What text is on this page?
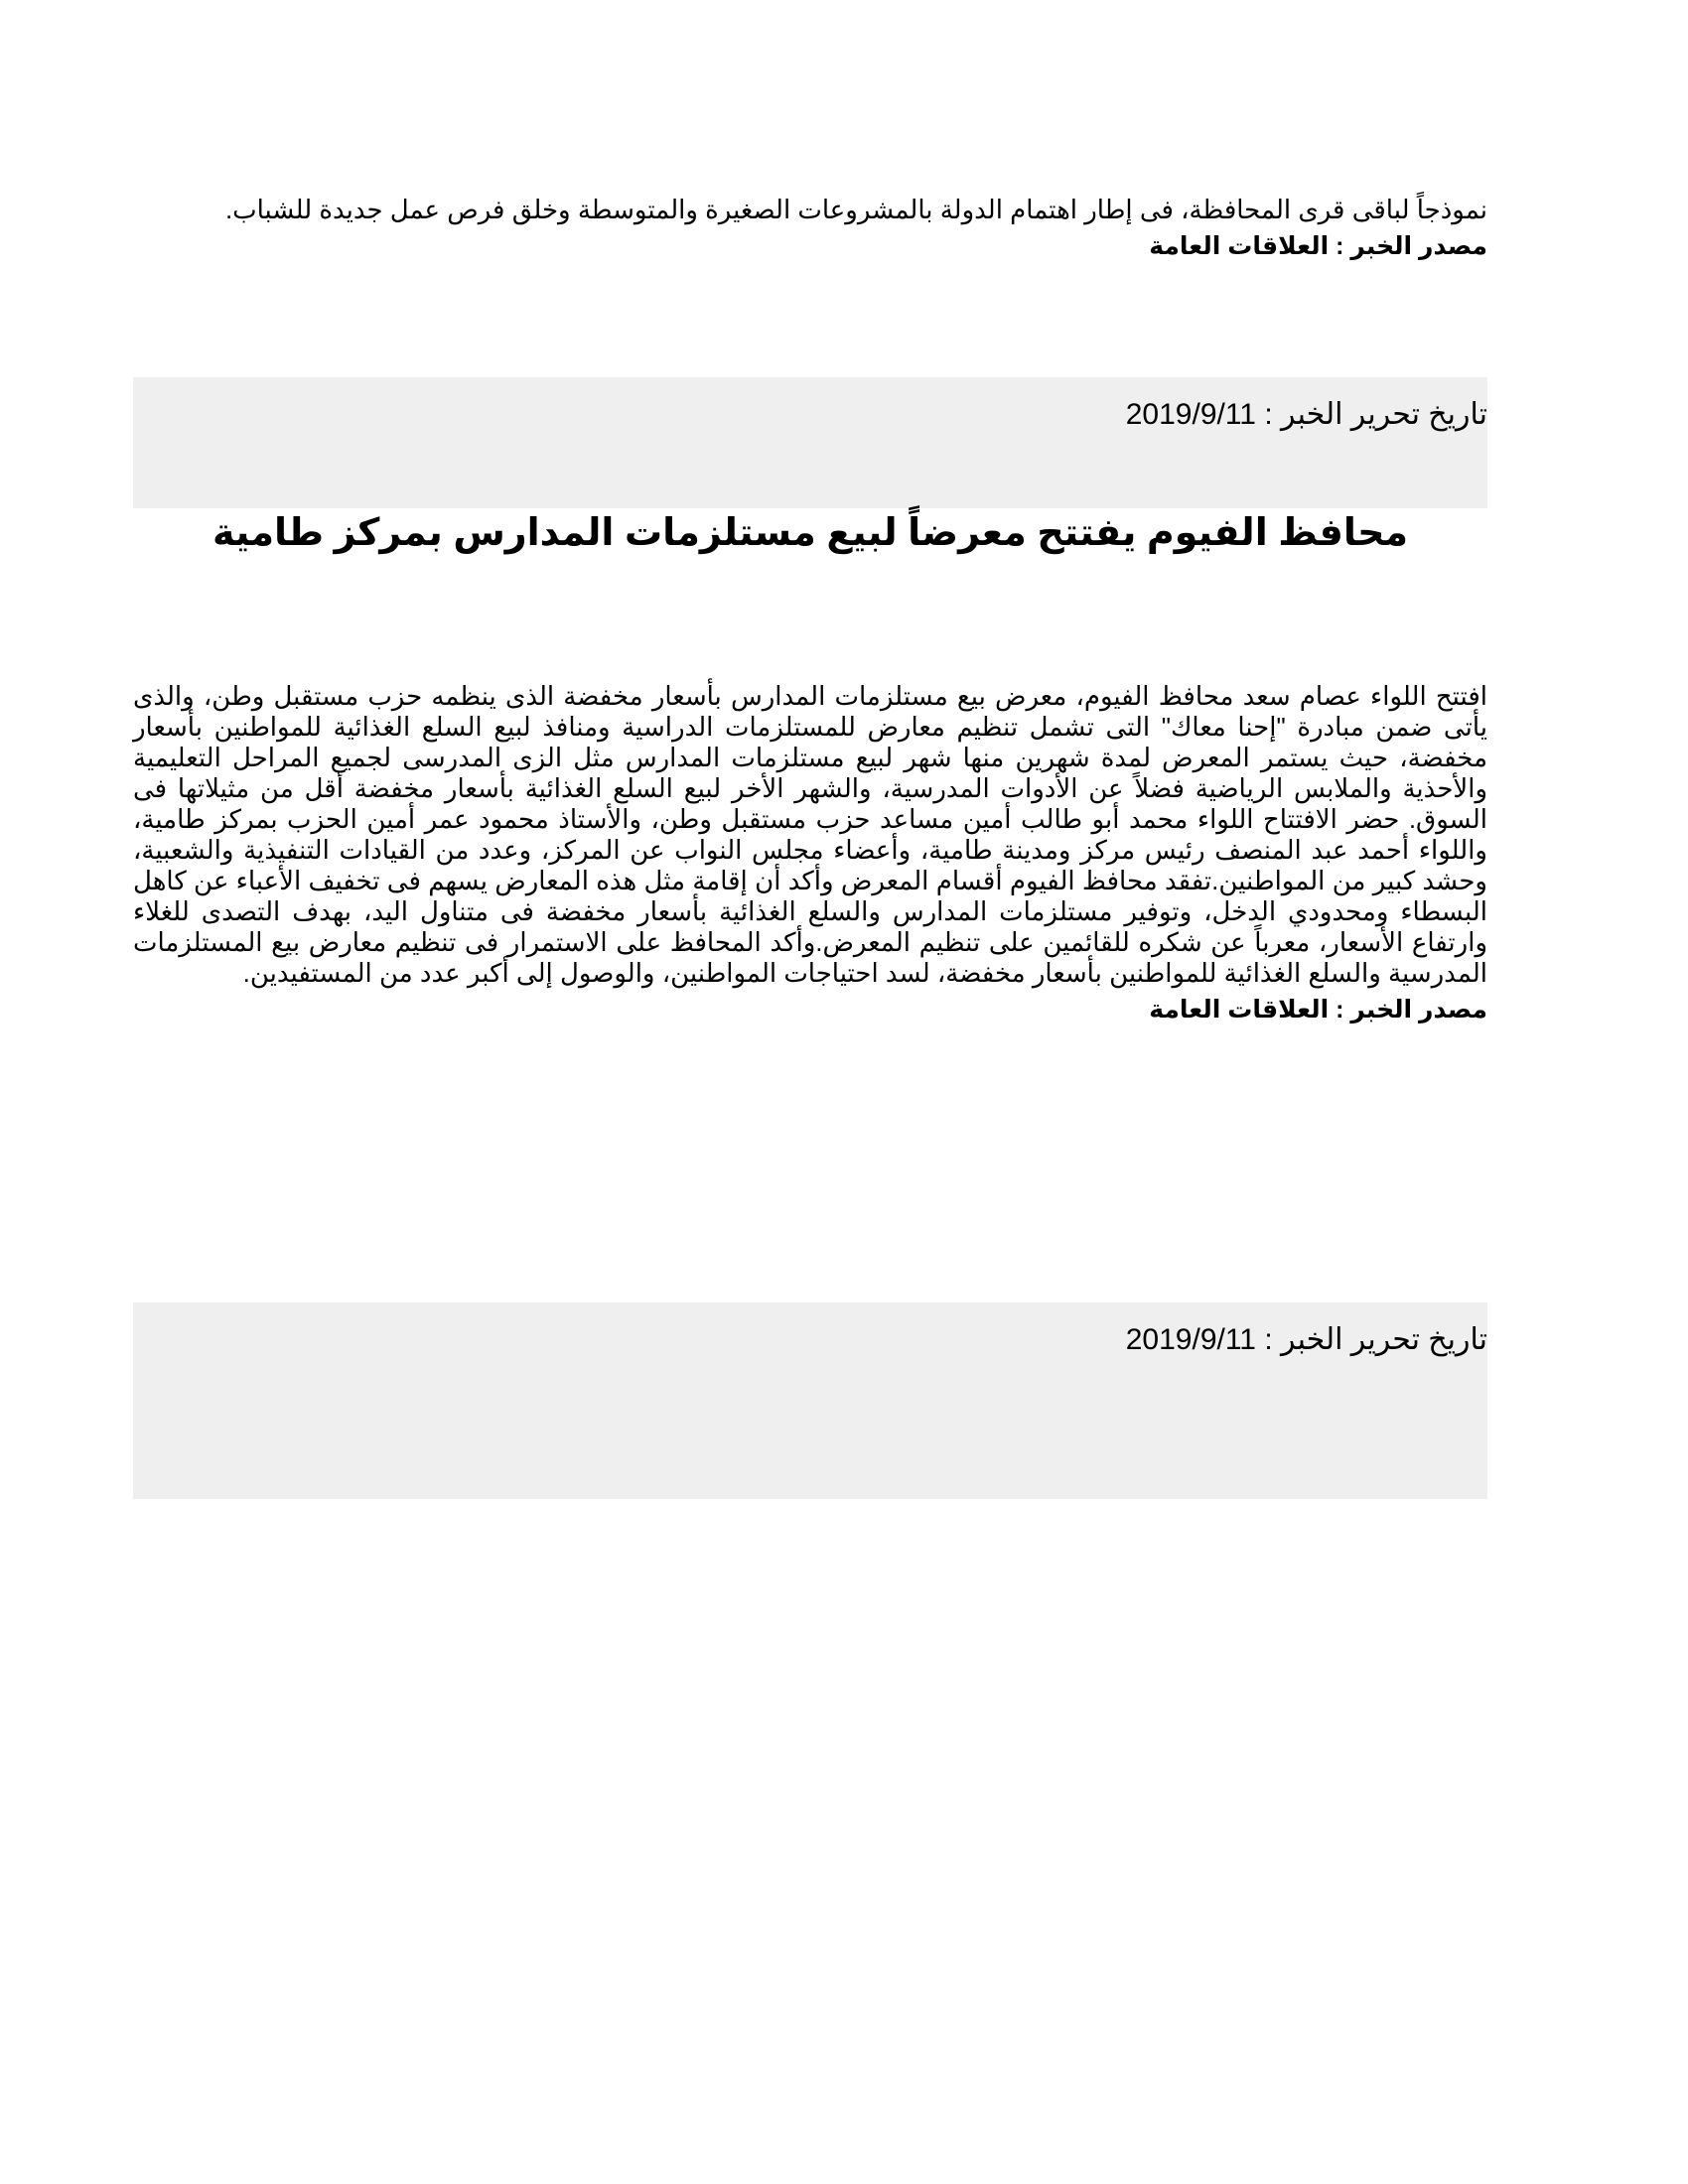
نموذجاً لباقى قرى المحافظة، فى إطار اهتمام الدولة بالمشروعات الصغيرة والمتوسطة وخلق فرص عمل جديدة للشباب.

مصدر الخبر : العلاقات العامة

تاريخ تحرير الخبر : 2019/9/11
محافظ الفيوم يفتتح معرضاً لبيع مستلزمات المدارس بمركز طامية

افتتح اللواء عصام سعد محافظ الفيوم، معرض بيع مستلزمات المدارس بأسعار مخفضة الذى ينظمه حزب مستقبل وطن، والذى يأتى ضمن مبادرة "إحنا معاك" التى تشمل تنظيم معارض للمستلزمات الدراسية ومنافذ لبيع السلع الغذائية للمواطنين بأسعار مخفضة، حيث يستمر المعرض لمدة شهرين منها شهر لبيع مستلزمات المدارس مثل الزى المدرسى لجميع المراحل التعليمية والأحذية والملابس الرياضية فضلاً عن الأدوات المدرسية، والشهر الأخر لبيع السلع الغذائية بأسعار مخفضة أقل من مثيلاتها فى السوق. حضر الافتتاح اللواء محمد أبو طالب أمين مساعد حزب مستقبل وطن، والأستاذ محمود عمر أمين الحزب بمركز طامية، واللواء أحمد عبد المنصف رئيس مركز ومدينة طامية، وأعضاء مجلس النواب عن المركز، وعدد من القيادات التنفيذية والشعبية، وحشد كبير من المواطنين.تفقد محافظ الفيوم أقسام المعرض وأكد أن إقامة مثل هذه المعارض يسهم فى تخفيف الأعباء عن كاهل البسطاء ومحدودي الدخل، وتوفير مستلزمات المدارس والسلع الغذائية بأسعار مخفضة فى متناول اليد، بهدف التصدى للغلاء وارتفاع الأسعار، معرباً عن شكره للقائمين على تنظيم المعرض.وأكد المحافظ على الاستمرار فى تنظيم معارض بيع المستلزمات المدرسية والسلع الغذائية للمواطنين بأسعار مخفضة، لسد احتياجات المواطنين، والوصول إلى أكبر عدد من المستفيدين.

مصدر الخبر : العلاقات العامة

تاريخ تحرير الخبر : 2019/9/11
